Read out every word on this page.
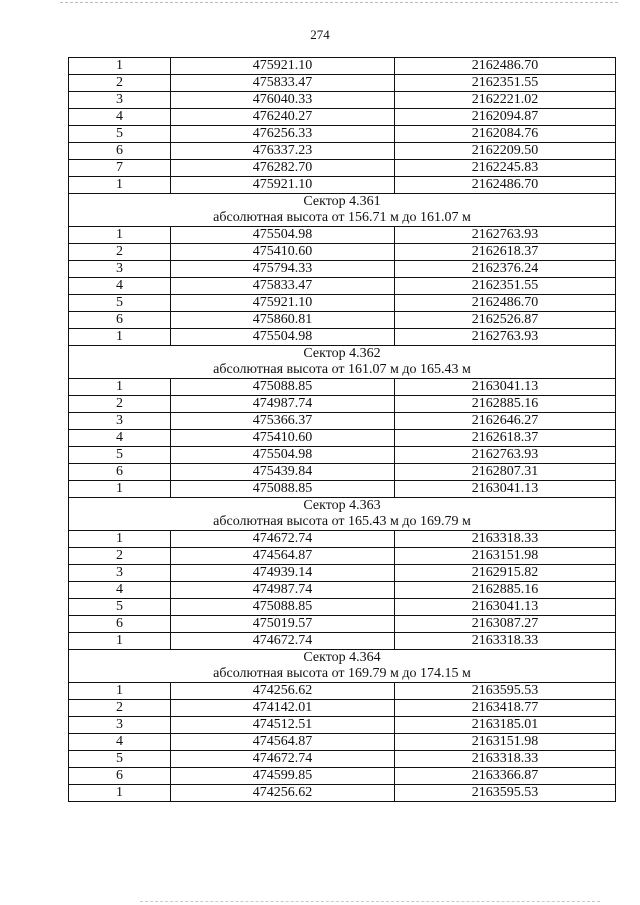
274
1	475921.10	2162486.70
2	475833.47	2162351.55
3	476040.33	2162221.02
4	476240.27	2162094.87
5	476256.33	2162084.76
6	476337.23	2162209.50
7	476282.70	2162245.83
1	475921.10	2162486.70
Сектор 4.361		
абсолютная высота от 156.71 м до 161.07 м		
1	475504.98	2162763.93
2	475410.60	2162618.37
3	475794.33	2162376.24
4	475833.47	2162351.55
5	475921.10	2162486.70
6	475860.81	2162526.87
1	475504.98	2162763.93
Сектор 4.362		
абсолютная высота от 161.07 м до 165.43 м		
1	475088.85	2163041.13
2	474987.74	2162885.16
3	475366.37	2162646.27
4	475410.60	2162618.37
5	475504.98	2162763.93
6	475439.84	2162807.31
1	475088.85	2163041.13
Сектор 4.363		
абсолютная высота от 165.43 м до 169.79 м		
1	474672.74	2163318.33
2	474564.87	2163151.98
3	474939.14	2162915.82
4	474987.74	2162885.16
5	475088.85	2163041.13
6	475019.57	2163087.27
1	474672.74	2163318.33
Сектор 4.364		
абсолютная высота от 169.79 м до 174.15 м		
1	474256.62	2163595.53
2	474142.01	2163418.77
3	474512.51	2163185.01
4	474564.87	2163151.98
5	474672.74	2163318.33
6	474599.85	2163366.87
1	474256.62	2163595.53
